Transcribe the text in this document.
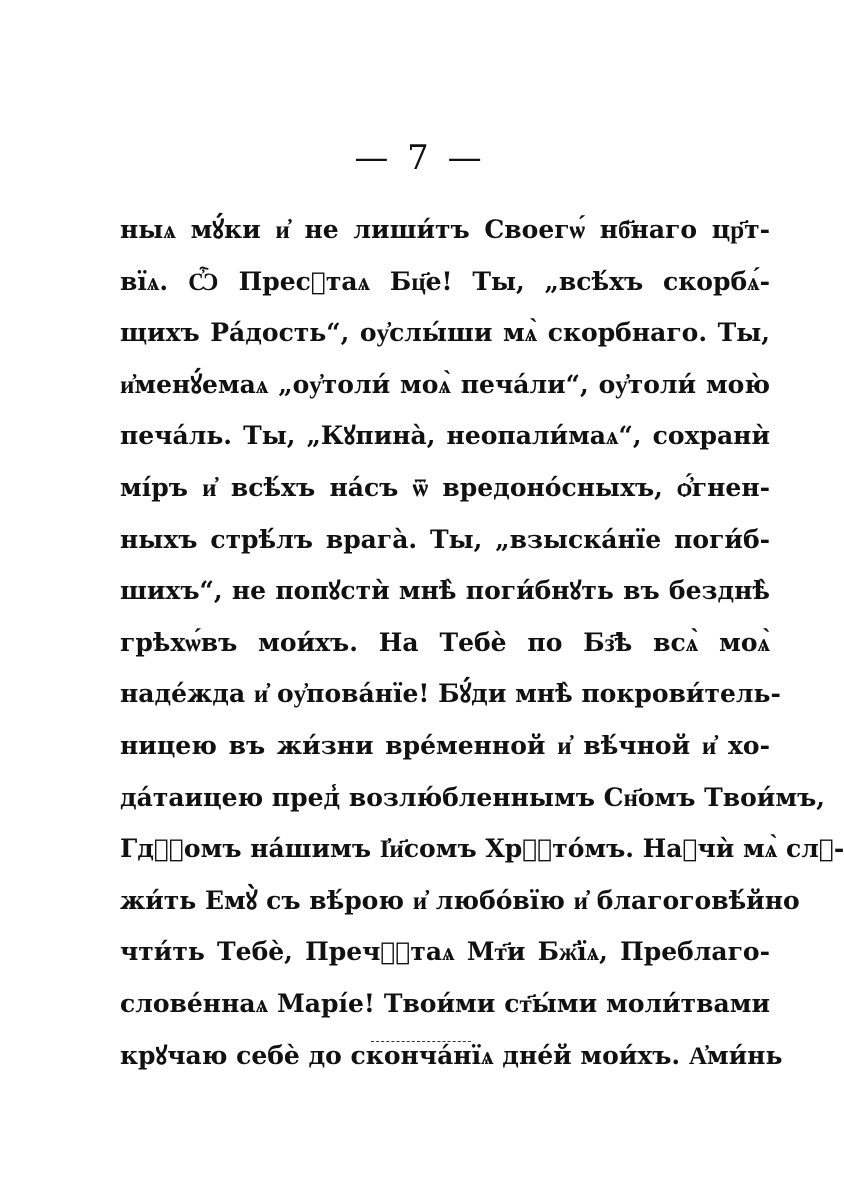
— 7 —
ныѧ мꙋ́ки и҆ не лиши́тъ Своегѡ́ нб҃наго цр҃т-
вїѧ. Ѽ Пресⷮтаѧ Бц҃е! Ты, „всѣ́хъ скорбѧ́-
щихъ Ра́дость“, оу҆слы́ши мѧ̀ скорбнаго. Ты,
и҆менꙋ́емаѧ „оу҆толи́ моѧ̀ печа́ли“, оу҆толи́ мою̀
печа́ль. Ты, „Кꙋпина̀, неопали́маѧ“, сохранѝ
мі́ръ и҆ всѣ́хъ на́съ ѿ вредоно́сныхъ, ѻ҆́гнен-
ныхъ стрѣ́лъ врага̀. Ты, „взыска́нїе поги́б-
шихъ“, не попꙋстѝ мнѣ̀ поги́бнꙋть въ безднѣ̀
грѣхѡ́въ мои́хъ. На Тебѐ по Бз҃ѣ всѧ̀ моѧ̀
наде́жда и҆ оу҆пова́нїе! Бꙋ́ди мнѣ̀ покрови́тель-
ницею въ жи́зни вре́менной и҆ вѣ́чной и҆ хо-
да́таицею пред̾ возлю́бленнымъ Сн҃омъ Твои́мъ,
Гдⷭ҇омъ на́шимъ І҆и҃сомъ Хрⷭ҇то́мъ. Наꙋчѝ мѧ̀ слꙋ-
жи́ть Емꙋ̀ съ вѣ́рою и҆ любо́вїю и҆ благоговѣ́йно
чти́ть Тебѐ, Пречⷭ҇таѧ Мт҃и Бж҃їѧ, Преблаго-
слове́ннаѧ Марі́е! Твои́ми ст҃ы́ми моли́твами
крꙋчаю себѐ до сконча́нїѧ дне́й мои́хъ. А҆ми́нь
